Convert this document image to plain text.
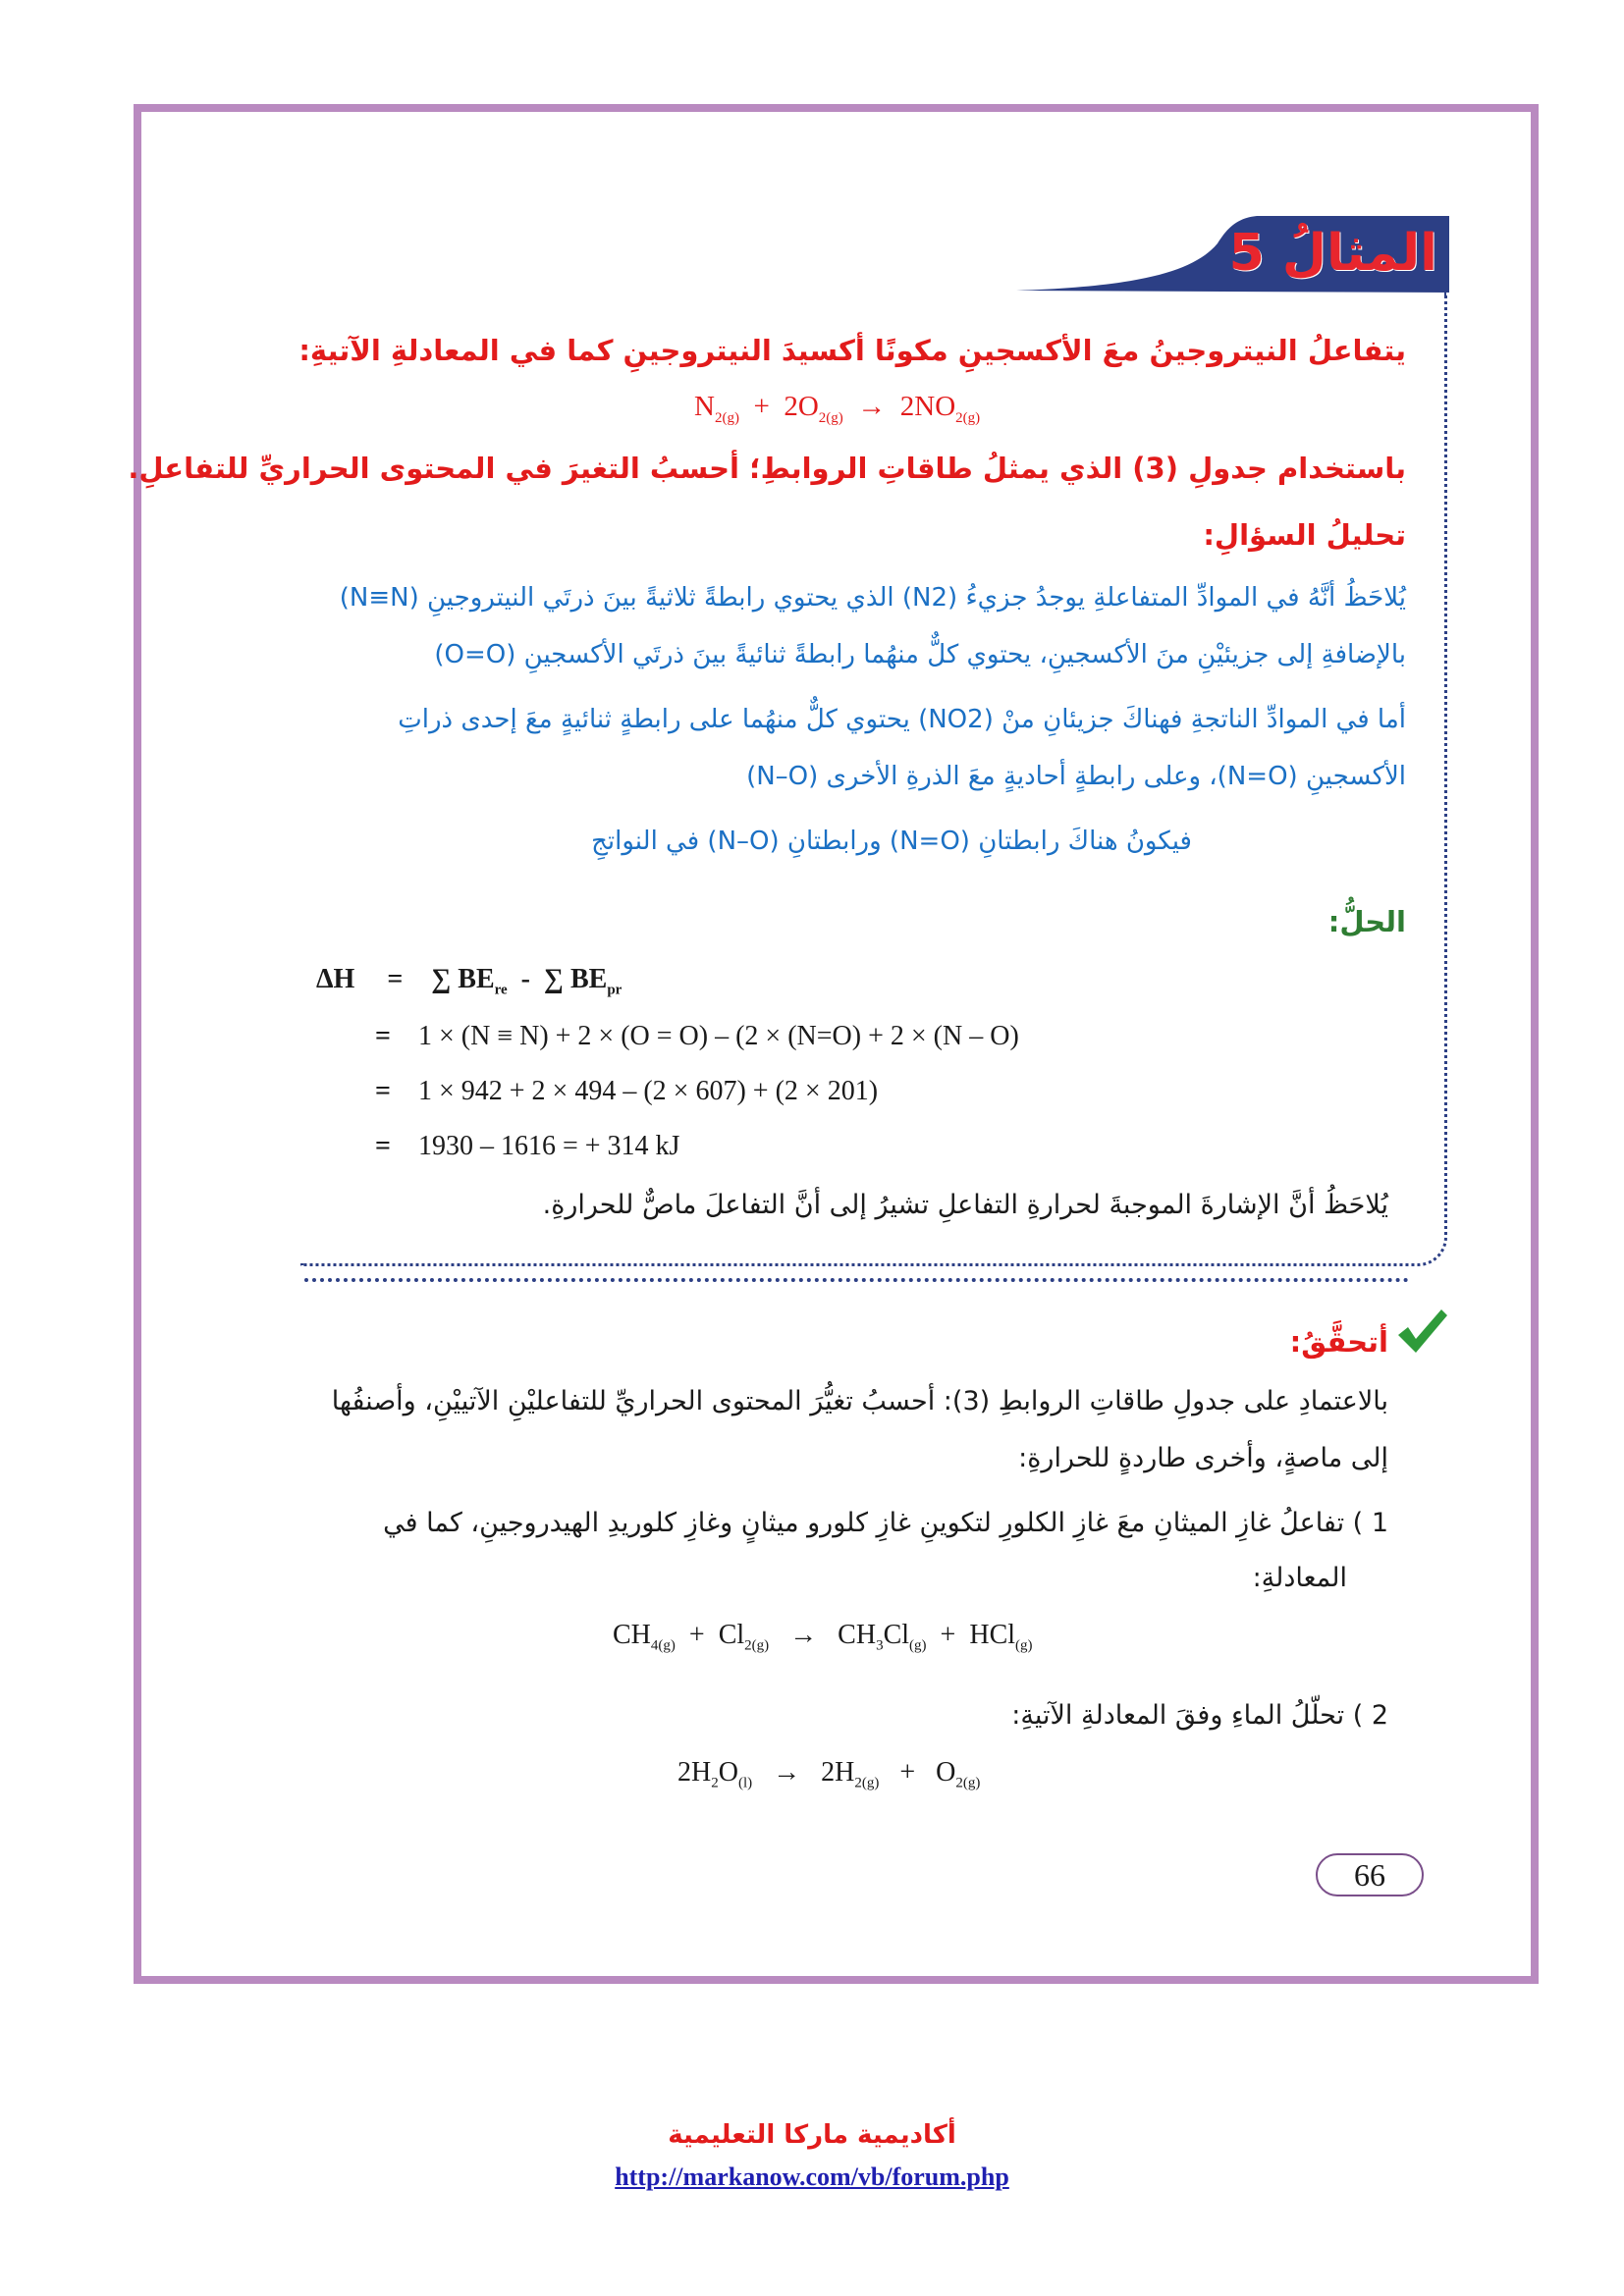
المثالُ 5
يتفاعلُ النيتروجينُ معَ الأكسجينِ مكونًا أكسيدَ النيتروجينِ كما في المعادلةِ الآتيةِ:
$N_{2(g)} + 2O_{2(g)} \to 2NO_{2(g)}$
باستخدام جدولِ (3) الذي يمثلُ طاقاتِ الروابطِ؛ أحسبُ التغيرَ في المحتوى الحراريِّ للتفاعلِ.
تحليلُ السؤالِ:
يُلاحَظُ أنَّهُ في الموادِّ المتفاعلةِ يوجدُ جزيءُ (N2) الذي يحتوي رابطةً ثلاثيةً بينَ ذرتَي النيتروجينِ (N≡N)
بالإضافةِ إلى جزيئيْنِ منَ الأكسجينِ، يحتوي كلٌّ منهُما رابطةً ثنائيةً بينَ ذرتَي الأكسجينِ (O=O)
أما في الموادِّ الناتجةِ فهناكَ جزيئانِ منْ (NO2) يحتوي كلٌّ منهُما على رابطةٍ ثنائيةٍ معَ إحدى ذراتِ
الأكسجينِ (N=O)، وعلى رابطةٍ أحاديةٍ معَ الذرةِ الأخرى (N–O)
فيكونُ هناكَ رابطتانِ (N=O) ورابطتانِ (N–O) في النواتجِ
الحلُّ:
ΔH = ∑ $BE_{re}$ - ∑ $BE_{pr}$
= 1 × (N ≡ N) + 2 × (O = O) – (2 × (N=O) + 2 × (N – O)
= 1 × 942 + 2 × 494 – (2 × 607) + (2 × 201)
= 1930 – 1616 = + 314 kJ
يُلاحَظُ أنَّ الإشارةَ الموجبةَ لحرارةِ التفاعلِ تشيرُ إلى أنَّ التفاعلَ ماصٌّ للحرارةِ.
أتحقَّقُ:
بالاعتمادِ على جدولِ طاقاتِ الروابطِ (3): أحسبُ تغيُّرَ المحتوى الحراريِّ للتفاعليْنِ الآتييْنِ، وأصنفُها
إلى ماصةٍ، وأخرى طاردةٍ للحرارةِ:
1 ) تفاعلُ غازِ الميثانِ معَ غازِ الكلورِ لتكوينِ غازِ كلورو ميثانٍ وغازِ كلوريدِ الهيدروجينِ، كما في
المعادلةِ:
$CH_{4(g)} + Cl_{2(g)} \to CH_3Cl_{(g)} + HCl_{(g)}$
2 ) تحلّلُ الماءِ وفقَ المعادلةِ الآتيةِ:
$2H_2O_{(l)} \to 2H_{2(g)} + O_{2(g)}$
66
أكاديمية ماركا التعليمية
http://markanow.com/vb/forum.php
